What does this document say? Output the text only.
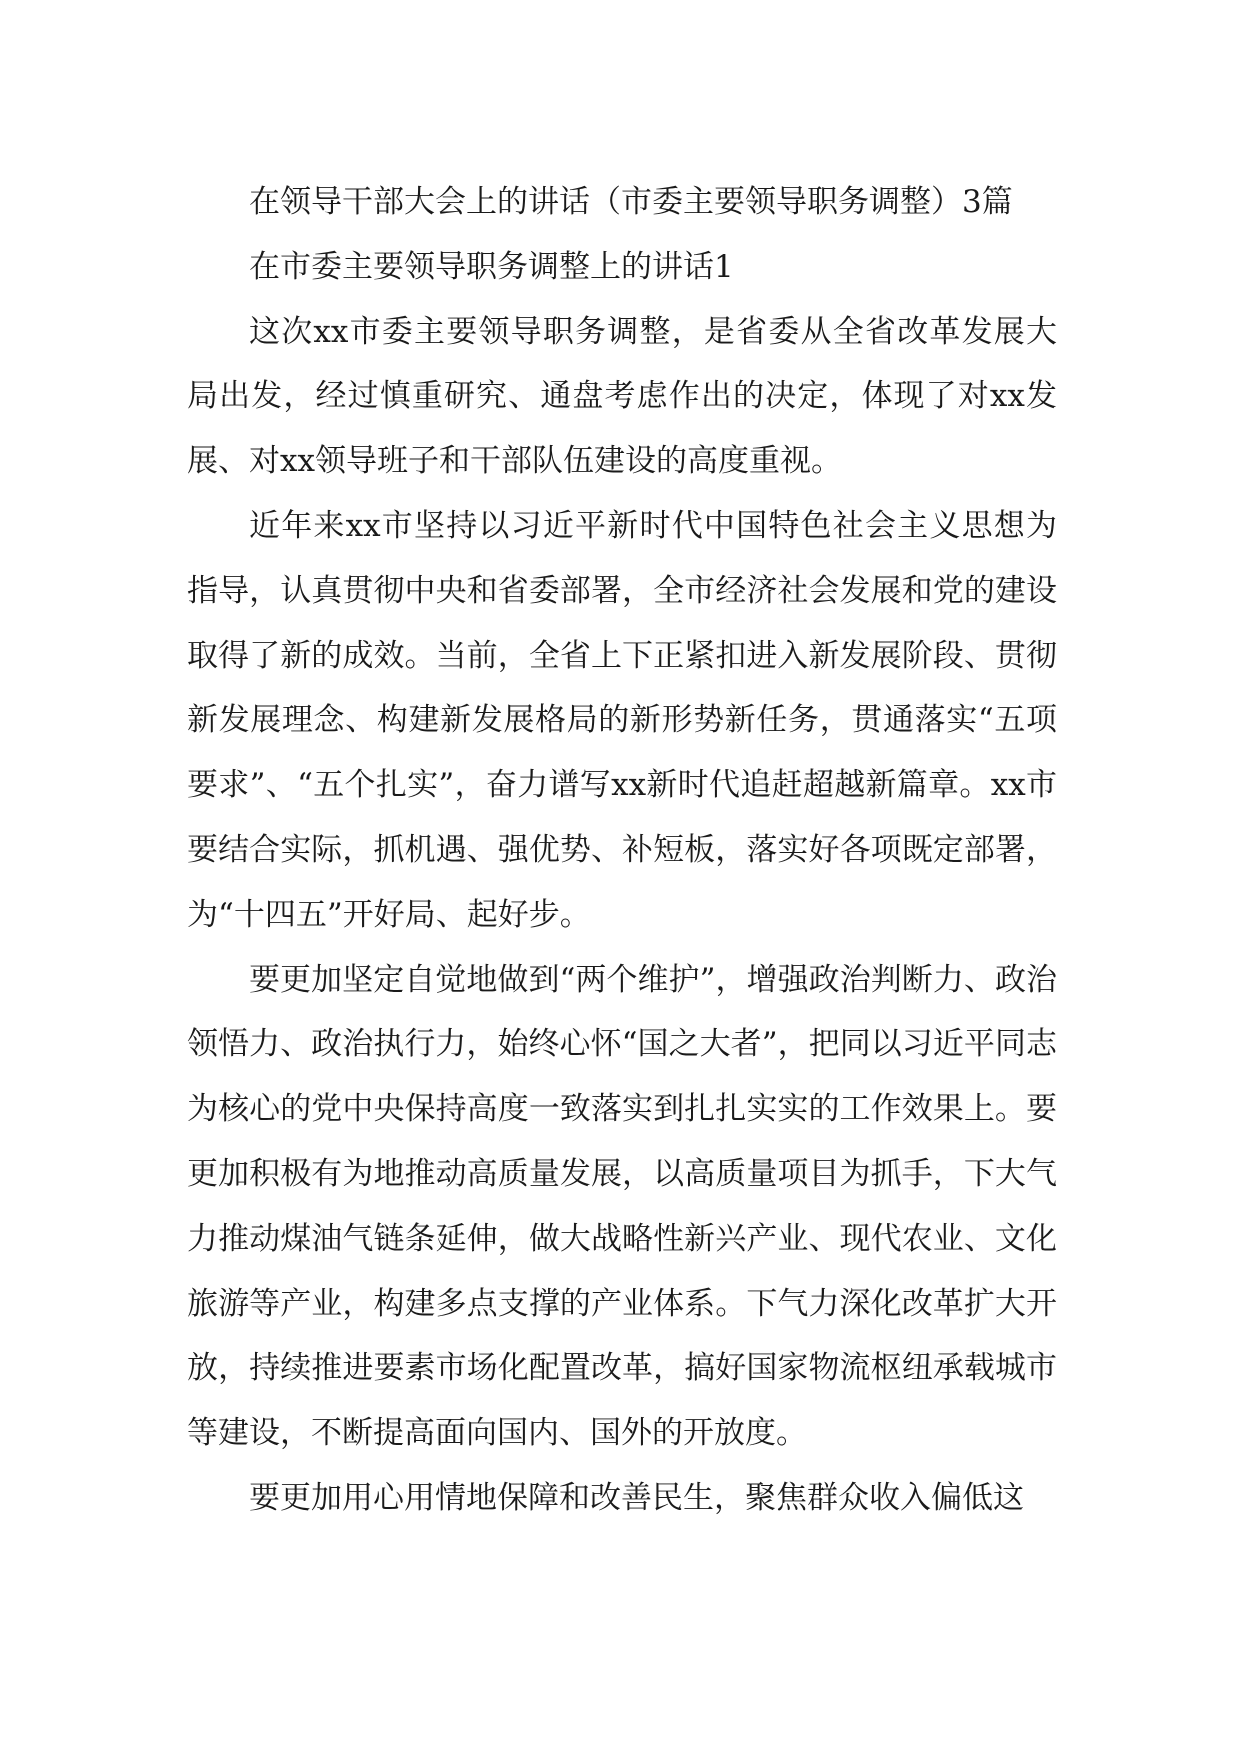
在领导干部大会上的讲话（市委主要领导职务调整）3篇

在市委主要领导职务调整上的讲话1

这次xx市委主要领导职务调整，是省委从全省改革发展大局出发，经过慎重研究、通盘考虑作出的决定，体现了对xx发展、对xx领导班子和干部队伍建设的高度重视。

近年来xx市坚持以习近平新时代中国特色社会主义思想为指导，认真贯彻中央和省委部署，全市经济社会发展和党的建设取得了新的成效。当前，全省上下正紧扣进入新发展阶段、贯彻新发展理念、构建新发展格局的新形势新任务，贯通落实“五项要求”、“五个扎实”，奋力谱写xx新时代追赶超越新篇章。xx市要结合实际，抓机遇、强优势、补短板，落实好各项既定部署，为“十四五”开好局、起好步。

要更加坚定自觉地做到“两个维护”，增强政治判断力、政治领悟力、政治执行力，始终心怀“国之大者”，把同以习近平同志为核心的党中央保持高度一致落实到扎扎实实的工作效果上。要更加积极有为地推动高质量发展，以高质量项目为抓手，下大气力推动煤油气链条延伸，做大战略性新兴产业、现代农业、文化旅游等产业，构建多点支撑的产业体系。下气力深化改革扩大开放，持续推进要素市场化配置改革，搞好国家物流枢纽承载城市等建设，不断提高面向国内、国外的开放度。

要更加用心用情地保障和改善民生，聚焦群众收入偏低这
